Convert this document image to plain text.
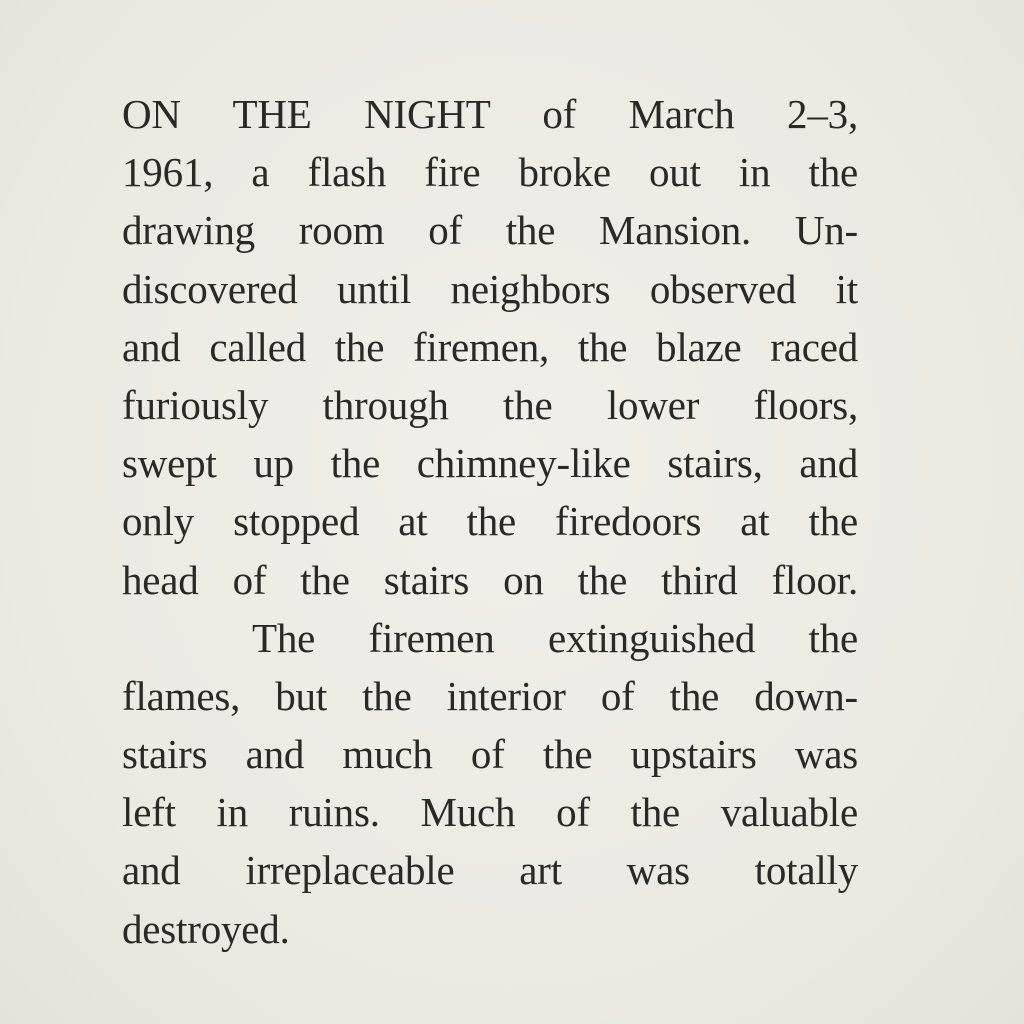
ON THE NIGHT of March 2–3,
1961, a flash fire broke out in the
drawing room of the Mansion. Un-
discovered until neighbors observed it
and called the firemen, the blaze raced
furiously through the lower floors,
swept up the chimney-like stairs, and
only stopped at the firedoors at the
head of the stairs on the third floor.
The firemen extinguished the
flames, but the interior of the down-
stairs and much of the upstairs was
left in ruins. Much of the valuable
and irreplaceable art was totally
destroyed.
